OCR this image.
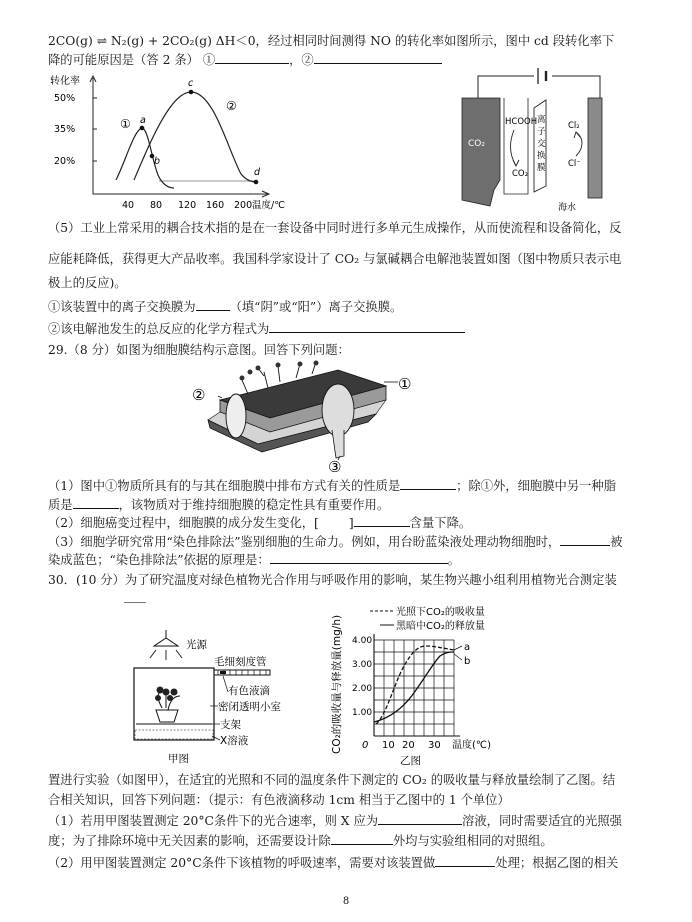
2CO(g) ⇌ N₂(g) + 2CO₂(g) ΔH＜0，经过相同时间测得 NO 的转化率如图所示，图中 cd 段转化率下
降的可能原因是（答 2 条） ①	，②
转化率
50%
35%
20%
40 80 120 160 200 温度/℃
a
b
c
d
①
②
CO₂
HCOOH
CO₂
离
子
交
换
膜
Cl₂
Cl⁻
海水
（5）工业上常采用的耦合技术指的是在一套设备中同时进行多单元生成操作，从而使流程和设备简化，反
应能耗降低，获得更大产品收率。我国科学家设计了 CO₂ 与氯碱耦合电解池装置如图（图中物质只表示电
极上的反应)。
①该装置中的离子交换膜为	（填“阴”或“阳”）离子交换膜。
②该电解池发生的总反应的化学方程式为
29.（8 分）如图为细胞膜结构示意图。回答下列问题：
①
②
③
（1）图中①物质所具有的与其在细胞膜中排布方式有关的性质是	；除①外，细胞膜中另一种脂
质是	，该物质对于维持细胞膜的稳定性具有重要作用。
（2）细胞癌变过程中，细胞膜的成分发生变化，[ ]	含量下降。
（3）细胞学研究常用“染色排除法”鉴别细胞的生命力。例如，用台盼蓝染液处理动物细胞时，	被
染成蓝色；“染色排除法”依据的原理是：	。
30．(10 分）为了研究温度对绿色植物光合作用与呼吸作用的影响，某生物兴趣小组利用植物光合测定装
光源
毛细刻度管
有色液滴
密闭透明小室
支架
X溶液
甲图
CO₂的吸收量与释放量(mg/h) 4.00
3.00
2.00
1.00
0 10 20 30 温度(℃)
光照下CO₂的吸收量
黑暗中CO₂的释放量
a
b
乙图
置进行实验（如图甲），在适宜的光照和不同的温度条件下测定的 CO₂ 的吸收量与释放量绘制了乙图。结
合相关知识，回答下列问题：（提示：有色液滴移动 1cm 相当于乙图中的 1 个单位）
（1）若用甲图装置测定 20°C条件下的光合速率，则 X 应为	溶液，同时需要适宜的光照强
度；为了排除环境中无关因素的影响，还需要设计除	外均与实验组相同的对照组。
（2）用甲图装置测定 20°C条件下该植物的呼吸速率，需要对该装置做	处理；根据乙图的相关
8
